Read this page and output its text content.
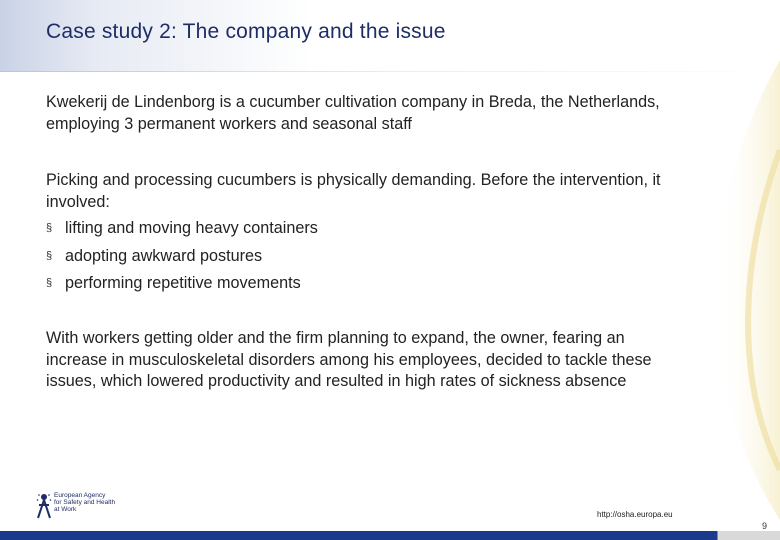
Case study 2: The company and the issue

Kwekerij de Lindenborg is a cucumber cultivation company in Breda, the Netherlands, employing 3 permanent workers and seasonal staff

Picking and processing cucumbers is physically demanding. Before the intervention, it involved:

§ lifting and moving heavy containers
§ adopting awkward postures
§ performing repetitive movements

With workers getting older and the firm planning to expand, the owner, fearing an increase in musculoskeletal disorders among his employees, decided to tackle these issues, which lowered productivity and resulted in high rates of sickness absence

European Agency
for Safety and Health
at Work
http://osha.europa.eu
9
